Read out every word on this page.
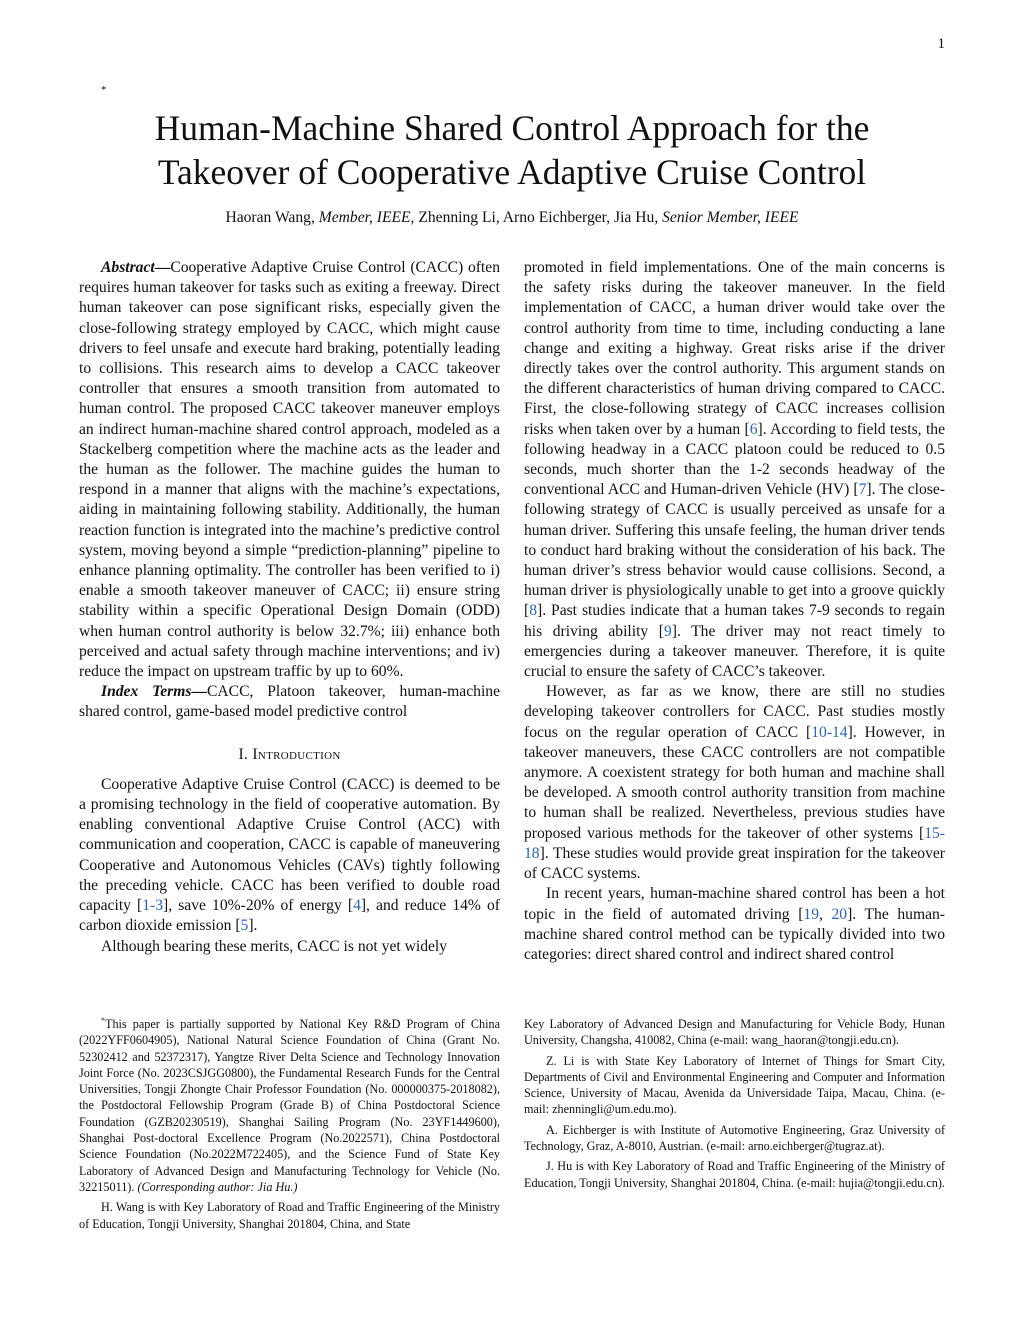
1
*
Human-Machine Shared Control Approach for the
Takeover of Cooperative Adaptive Cruise Control
Haoran Wang, Member, IEEE, Zhenning Li, Arno Eichberger, Jia Hu, Senior Member, IEEE

Abstract—Cooperative Adaptive Cruise Control (CACC) often requires human takeover for tasks such as exiting a freeway. Direct human takeover can pose significant risks, especially given the close-following strategy employed by CACC, which might cause drivers to feel unsafe and execute hard braking, potentially leading to collisions. This research aims to develop a CACC takeover controller that ensures a smooth transition from automated to human control. The proposed CACC takeover maneuver employs an indirect human-machine shared control approach, modeled as a Stackelberg competition where the machine acts as the leader and the human as the follower. The machine guides the human to respond in a manner that aligns with the machine’s expectations, aiding in maintaining following stability. Additionally, the human reaction function is integrated into the machine’s predictive control system, moving beyond a simple “prediction-planning” pipeline to enhance planning optimality. The controller has been verified to i) enable a smooth takeover maneuver of CACC; ii) ensure string stability within a specific Operational Design Domain (ODD) when human control authority is below 32.7%; iii) enhance both perceived and actual safety through machine interventions; and iv) reduce the impact on upstream traffic by up to 60%.

Index Terms—CACC, Platoon takeover, human-machine shared control, game-based model predictive control

I. Introduction

Cooperative Adaptive Cruise Control (CACC) is deemed to be a promising technology in the field of cooperative automation. By enabling conventional Adaptive Cruise Control (ACC) with communication and cooperation, CACC is capable of maneuvering Cooperative and Autonomous Vehicles (CAVs) tightly following the preceding vehicle. CACC has been verified to double road capacity [1-3], save 10%-20% of energy [4], and reduce 14% of carbon dioxide emission [5].

Although bearing these merits, CACC is not yet widely

promoted in field implementations. One of the main concerns is the safety risks during the takeover maneuver. In the field implementation of CACC, a human driver would take over the control authority from time to time, including conducting a lane change and exiting a highway. Great risks arise if the driver directly takes over the control authority. This argument stands on the different characteristics of human driving compared to CACC. First, the close-following strategy of CACC increases collision risks when taken over by a human [6]. According to field tests, the following headway in a CACC platoon could be reduced to 0.5 seconds, much shorter than the 1-2 seconds headway of the conventional ACC and Human-driven Vehicle (HV) [7]. The close-following strategy of CACC is usually perceived as unsafe for a human driver. Suffering this unsafe feeling, the human driver tends to conduct hard braking without the consideration of his back. The human driver’s stress behavior would cause collisions. Second, a human driver is physiologically unable to get into a groove quickly [8]. Past studies indicate that a human takes 7-9 seconds to regain his driving ability [9]. The driver may not react timely to emergencies during a takeover maneuver. Therefore, it is quite crucial to ensure the safety of CACC’s takeover.

However, as far as we know, there are still no studies developing takeover controllers for CACC. Past studies mostly focus on the regular operation of CACC [10-14]. However, in takeover maneuvers, these CACC controllers are not compatible anymore. A coexistent strategy for both human and machine shall be developed. A smooth control authority transition from machine to human shall be realized. Nevertheless, previous studies have proposed various methods for the takeover of other systems [15-18]. These studies would provide great inspiration for the takeover of CACC systems.

In recent years, human-machine shared control has been a hot topic in the field of automated driving [19, 20]. The human-machine shared control method can be typically divided into two categories: direct shared control and indirect shared control

*This paper is partially supported by National Key R&D Program of China (2022YFF0604905), National Natural Science Foundation of China (Grant No. 52302412 and 52372317), Yangtze River Delta Science and Technology Innovation Joint Force (No. 2023CSJGG0800), the Fundamental Research Funds for the Central Universities, Tongji Zhongte Chair Professor Foundation (No. 000000375-2018082), the Postdoctoral Fellowship Program (Grade B) of China Postdoctoral Science Foundation (GZB20230519), Shanghai Sailing Program (No. 23YF1449600), Shanghai Post-doctoral Excellence Program (No.2022571), China Postdoctoral Science Foundation (No.2022M722405), and the Science Fund of State Key Laboratory of Advanced Design and Manufacturing Technology for Vehicle (No. 32215011). (Corresponding author: Jia Hu.)

H. Wang is with Key Laboratory of Road and Traffic Engineering of the Ministry of Education, Tongji University, Shanghai 201804, China, and State

Key Laboratory of Advanced Design and Manufacturing for Vehicle Body, Hunan University, Changsha, 410082, China (e-mail: wang_haoran@tongji.edu.cn).

Z. Li is with State Key Laboratory of Internet of Things for Smart City, Departments of Civil and Environmental Engineering and Computer and Information Science, University of Macau, Avenida da Universidade Taipa, Macau, China. (e-mail: zhenningli@um.edu.mo).

A. Eichberger is with Institute of Automotive Engineering, Graz University of Technology, Graz, A-8010, Austrian. (e-mail: arno.eichberger@tugraz.at).

J. Hu is with Key Laboratory of Road and Traffic Engineering of the Ministry of Education, Tongji University, Shanghai 201804, China. (e-mail: hujia@tongji.edu.cn).
